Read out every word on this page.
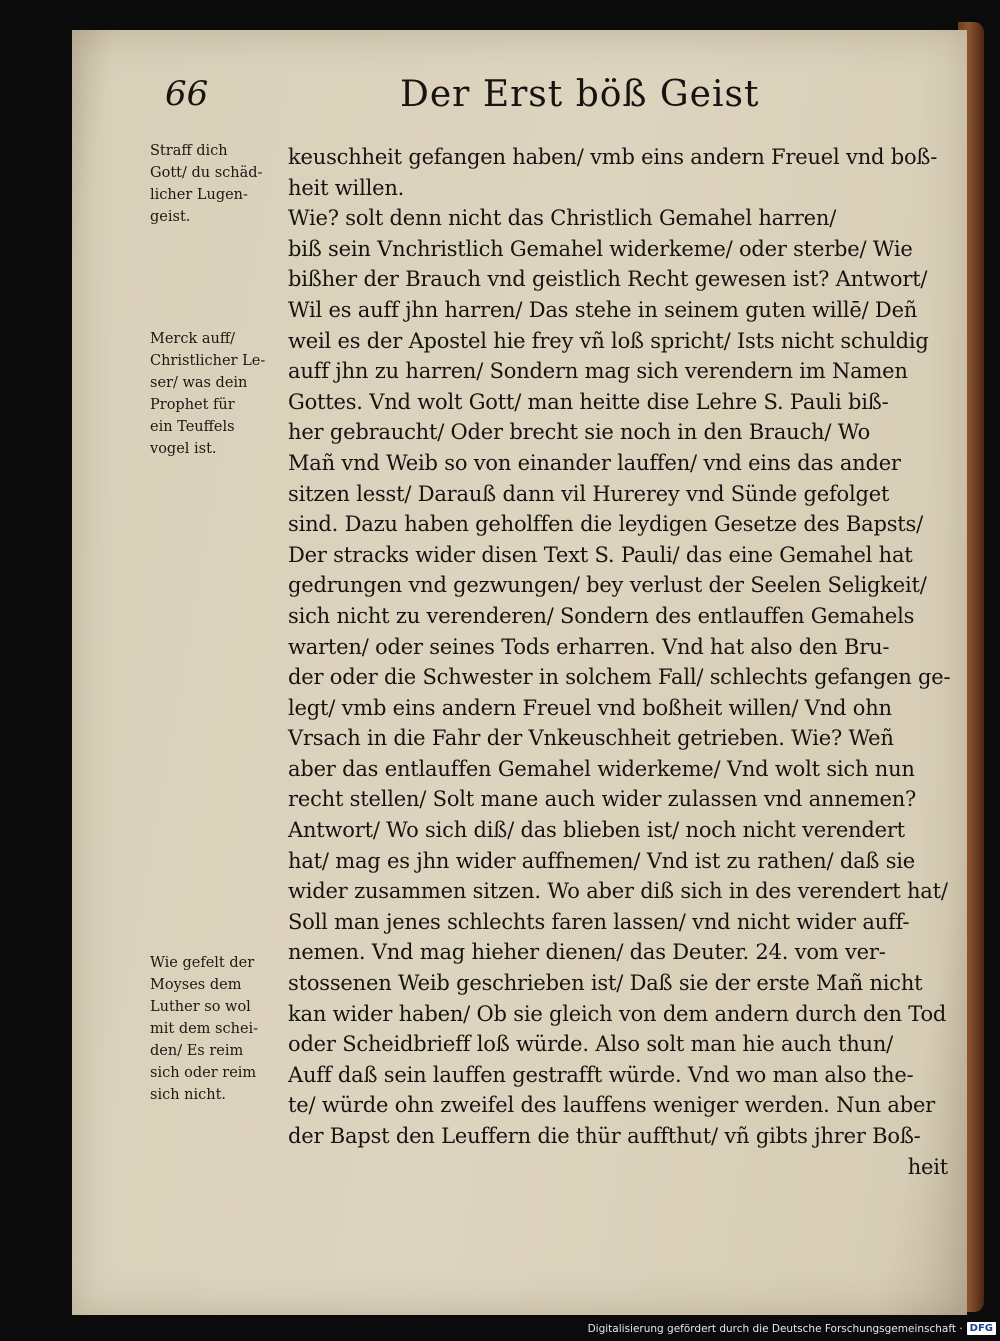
66	Der Erst böß Geist
Straff dich
Gott/ du schäd-
licher Lugen-
geist.
Merck auff/
Christlicher Le-
ser/ was dein
Prophet für
ein Teuffels
vogel ist.
Wie gefelt der
Moyses dem
Luther so wol
mit dem schei-
den/ Es reim
sich oder reim
sich nicht.
keuschheit gefangen haben/ vmb eins andern Freuel vnd boß-
heit willen.
Wie? solt denn nicht das Christlich Gemahel harren/
biß sein Vnchristlich Gemahel widerkeme/ oder sterbe/ Wie
bißher der Brauch vnd geistlich Recht gewesen ist? Antwort/
Wil es auff jhn harren/ Das stehe in seinem guten willē/ Deñ
weil es der Apostel hie frey vñ loß spricht/ Ists nicht schuldig
auff jhn zu harren/ Sondern mag sich verendern im Namen
Gottes. Vnd wolt Gott/ man heitte dise Lehre S. Pauli biß-
her gebraucht/ Oder brecht sie noch in den Brauch/ Wo
Mañ vnd Weib so von einander lauffen/ vnd eins das ander
sitzen lesst/ Darauß dann vil Hurerey vnd Sünde gefolget
sind. Dazu haben geholffen die leydigen Gesetze des Bapsts/
Der stracks wider disen Text S. Pauli/ das eine Gemahel hat
gedrungen vnd gezwungen/ bey verlust der Seelen Seligkeit/
sich nicht zu verenderen/ Sondern des entlauffen Gemahels
warten/ oder seines Tods erharren. Vnd hat also den Bru-
der oder die Schwester in solchem Fall/ schlechts gefangen ge-
legt/ vmb eins andern Freuel vnd boßheit willen/ Vnd ohn
Vrsach in die Fahr der Vnkeuschheit getrieben. Wie? Weñ
aber das entlauffen Gemahel widerkeme/ Vnd wolt sich nun
recht stellen/ Solt mane auch wider zulassen vnd annemen?
Antwort/ Wo sich diß/ das blieben ist/ noch nicht verendert
hat/ mag es jhn wider auffnemen/ Vnd ist zu rathen/ daß sie
wider zusammen sitzen. Wo aber diß sich in des verendert hat/
Soll man jenes schlechts faren lassen/ vnd nicht wider auff-
nemen. Vnd mag hieher dienen/ das Deuter. 24. vom ver-
stossenen Weib geschrieben ist/ Daß sie der erste Mañ nicht
kan wider haben/ Ob sie gleich von dem andern durch den Tod
oder Scheidbrieff loß würde. Also solt man hie auch thun/
Auff daß sein lauffen gestrafft würde. Vnd wo man also the-
te/ würde ohn zweifel des lauffens weniger werden. Nun aber
der Bapst den Leuffern die thür auffthut/ vñ gibts jhrer Boß-
heit
Digitalisierung gefördert durch die Deutsche Forschungsgemeinschaft · DFG
